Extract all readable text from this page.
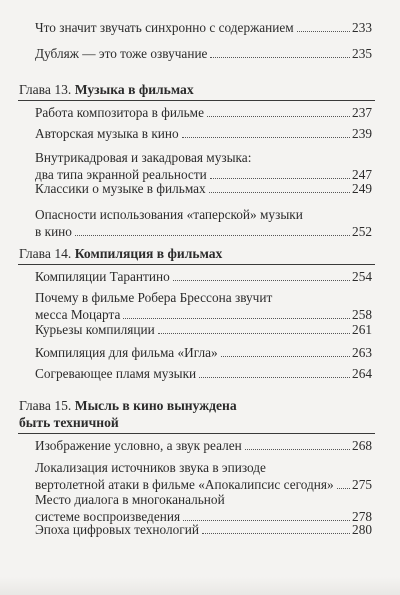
Что значит звучать синхронно с содержанием	233
Дубляж — это тоже озвучание	235
Глава 13. Музыка в фильмах
Работа композитора в фильме	237
Авторская музыка в кино	239
Внутрикадровая и закадровая музыка:
два типа экранной реальности	247
Классики о музыке в фильмах	249
Опасности использования «таперской» музыки
в кино	252
Глава 14. Компиляция в фильмах
Компиляции Тарантино	254
Почему в фильме Робера Брессона звучит
месса Моцарта	258
Курьезы компиляции	261
Компиляция для фильма «Игла»	263
Согревающее пламя музыки	264
Глава 15. Мысль в кино вынуждена быть техничной
Изображение условно, а звук реален	268
Локализация источников звука в эпизоде
вертолетной атаки в фильме «Апокалипсис сегодня» 275
Место диалога в многоканальной
системе воспроизведения	278
Эпоха цифровых технологий	280
